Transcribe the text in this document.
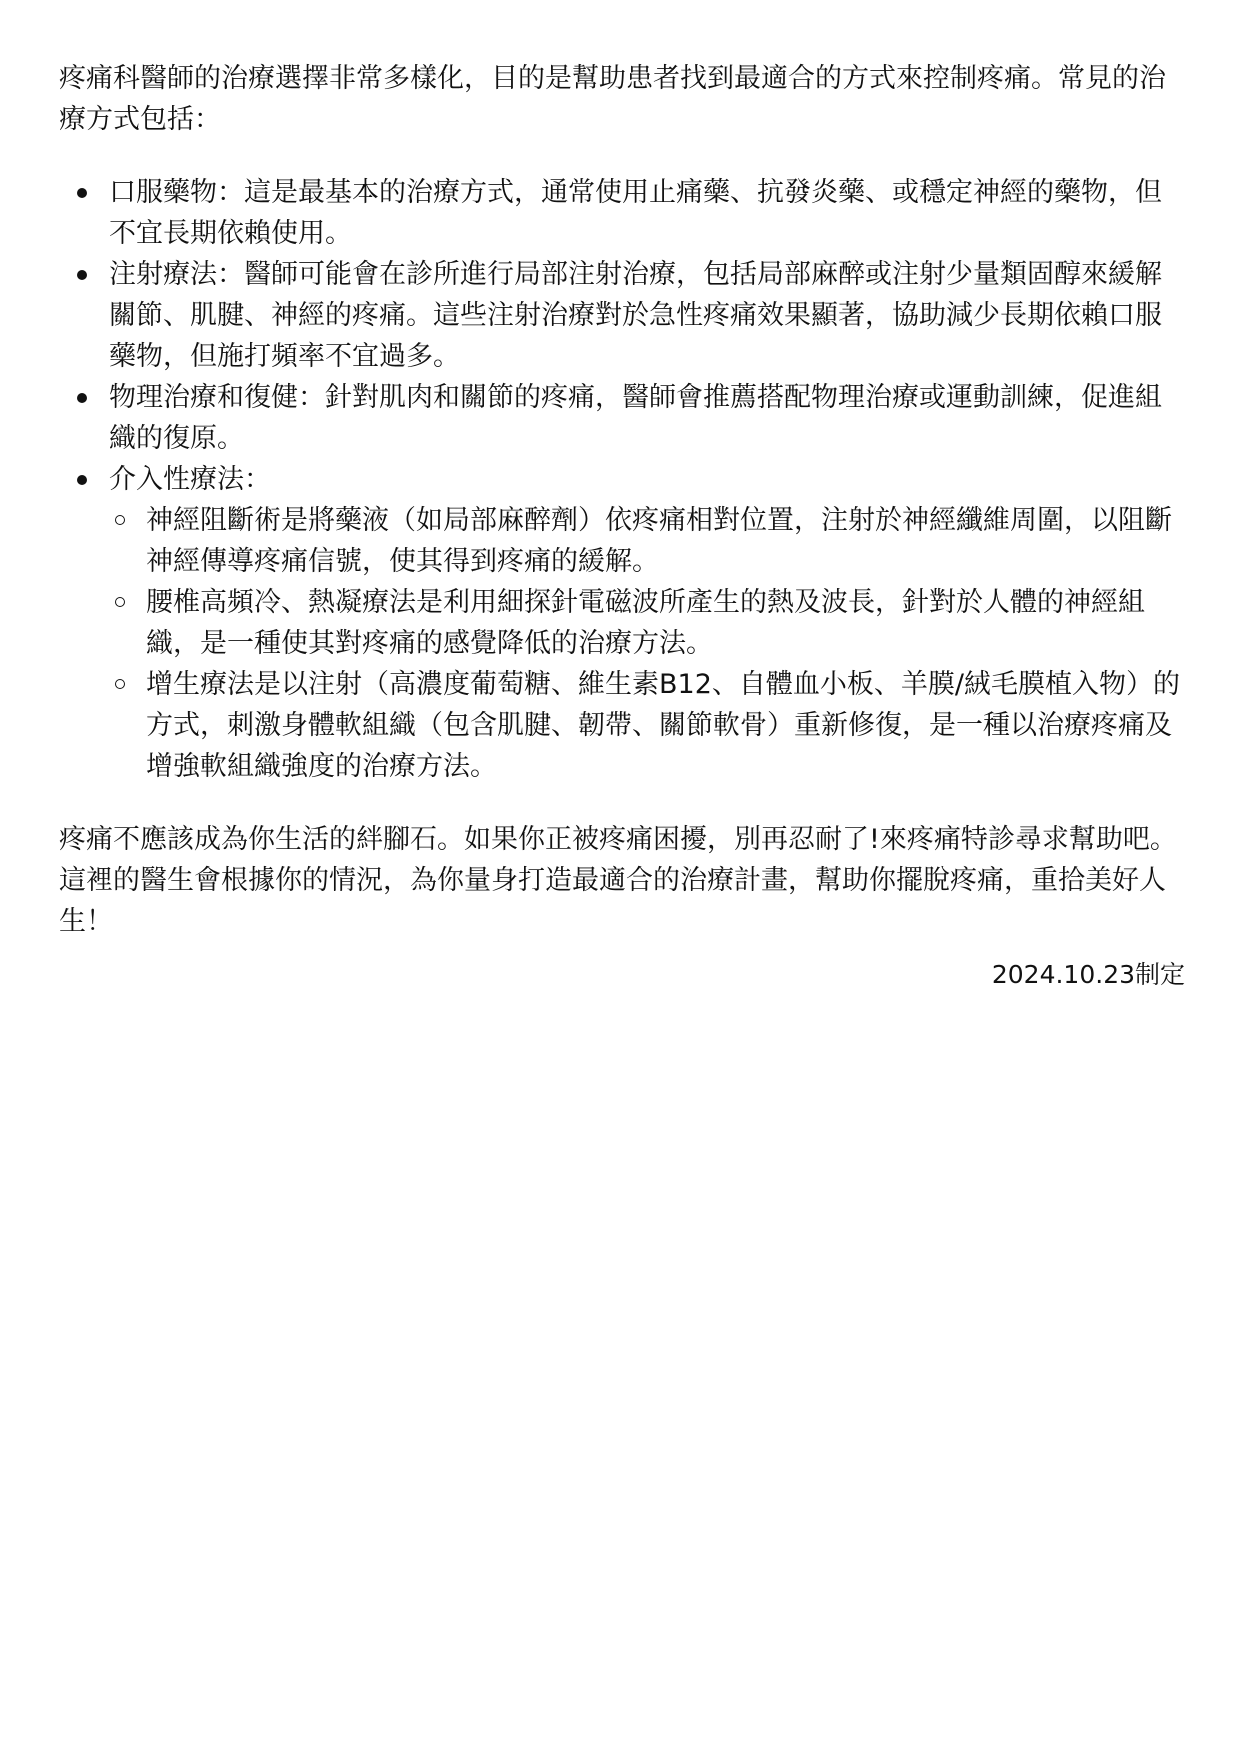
疼痛科醫師的治療選擇非常多樣化，目的是幫助患者找到最適合的方式來控制疼痛。常見的治療方式包括：

口服藥物：這是最基本的治療方式，通常使用止痛藥、抗發炎藥、或穩定神經的藥物，但不宜長期依賴使用。
注射療法：醫師可能會在診所進行局部注射治療，包括局部麻醉或注射少量類固醇來緩解關節、肌腱、神經的疼痛。這些注射治療對於急性疼痛效果顯著，協助減少長期依賴口服藥物，但施打頻率不宜過多。
物理治療和復健：針對肌肉和關節的疼痛，醫師會推薦搭配物理治療或運動訓練，促進組織的復原。
介入性療法：
神經阻斷術是將藥液（如局部麻醉劑）依疼痛相對位置，注射於神經纖維周圍，以阻斷神經傳導疼痛信號，使其得到疼痛的緩解。
腰椎高頻冷、熱凝療法是利用細探針電磁波所產生的熱及波長，針對於人體的神經組織，是一種使其對疼痛的感覺降低的治療方法。
增生療法是以注射（高濃度葡萄糖、維生素B12、自體血小板、羊膜/絨毛膜植入物）的方式，刺激身體軟組織（包含肌腱、韌帶、關節軟骨）重新修復，是一種以治療疼痛及增強軟組織強度的治療方法。

疼痛不應該成為你生活的絆腳石。如果你正被疼痛困擾，別再忍耐了!來疼痛特診尋求幫助吧。這裡的醫生會根據你的情況，為你量身打造最適合的治療計畫，幫助你擺脫疼痛，重拾美好人生！

2024.10.23制定
